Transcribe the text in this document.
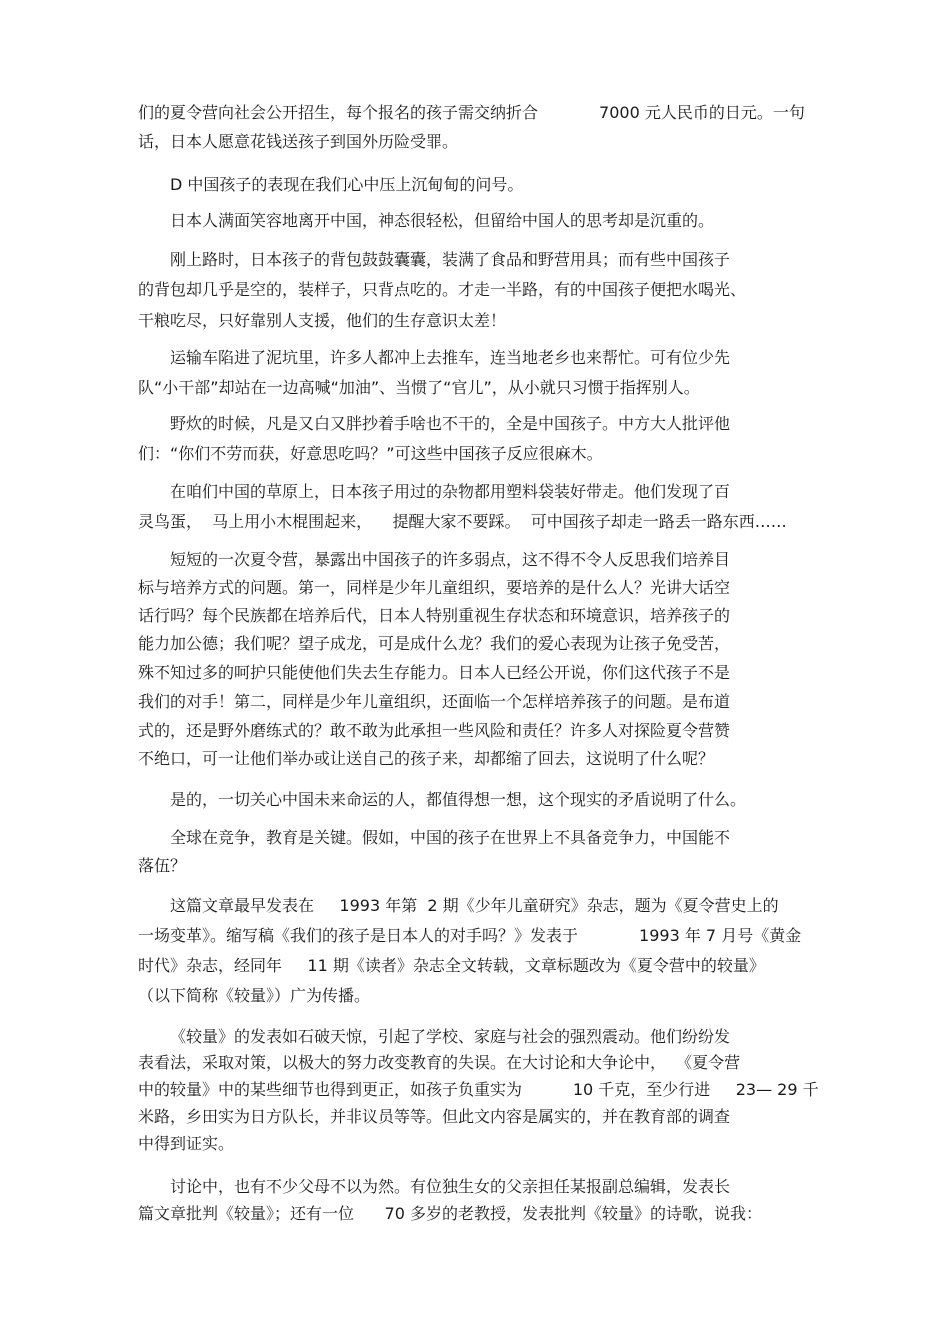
们的夏令营向社会公开招生，每个报名的孩子需交纳折合            7000 元人民币的日元。一句
话，日本人愿意花钱送孩子到国外历险受罪。
D 中国孩子的表现在我们心中压上沉甸甸的问号。
日本人满面笑容地离开中国，神态很轻松，但留给中国人的思考却是沉重的。
刚上路时，日本孩子的背包鼓鼓囊囊，装满了食品和野营用具；而有些中国孩子
的背包却几乎是空的，装样子，只背点吃的。才走一半路，有的中国孩子便把水喝光、
干粮吃尽，只好靠别人支援，他们的生存意识太差！
运输车陷进了泥坑里，许多人都冲上去推车，连当地老乡也来帮忙。可有位少先
队“小干部”却站在一边高喊“加油”、当惯了“官儿”，从小就只习惯于指挥别人。
野炊的时候，凡是又白又胖抄着手啥也不干的，全是中国孩子。中方大人批评他
们：“你们不劳而获，好意思吃吗？”可这些中国孩子反应很麻木。
在咱们中国的草原上，日本孩子用过的杂物都用塑料袋装好带走。他们发现了百
灵鸟蛋，  马上用小木棍围起来，    提醒大家不要踩。  可中国孩子却走一路丢一路东西……
短短的一次夏令营，暴露出中国孩子的许多弱点，这不得不令人反思我们培养目
标与培养方式的问题。第一，同样是少年儿童组织，要培养的是什么人？光讲大话空
话行吗？每个民族都在培养后代，日本人特别重视生存状态和环境意识，培养孩子的
能力加公德；我们呢？望子成龙，可是成什么龙？我们的爱心表现为让孩子免受苦，
殊不知过多的呵护只能使他们失去生存能力。日本人已经公开说，你们这代孩子不是
我们的对手！第二，同样是少年儿童组织，还面临一个怎样培养孩子的问题。是布道
式的，还是野外磨练式的？敢不敢为此承担一些风险和责任？许多人对探险夏令营赞
不绝口，可一让他们举办或让送自己的孩子来，却都缩了回去，这说明了什么呢？
是的，一切关心中国未来命运的人，都值得想一想，这个现实的矛盾说明了什么。
全球在竞争，教育是关键。假如，中国的孩子在世界上不具备竞争力，中国能不
落伍？
这篇文章最早发表在     1993 年第  2 期《少年儿童研究》杂志，题为《夏令营史上的
一场变革》。缩写稿《我们的孩子是日本人的对手吗？》发表于            1993 年 7 月号《黄金
时代》杂志，经同年     11 期《读者》杂志全文转载，文章标题改为《夏令营中的较量》
（以下简称《较量》）广为传播。
《较量》的发表如石破天惊，引起了学校、家庭与社会的强烈震动。他们纷纷发
表看法，采取对策，以极大的努力改变教育的失误。在大讨论和大争论中，  《夏令营
中的较量》中的某些细节也得到更正，如孩子负重实为          10 千克，至少行进     23— 29 千
米路，乡田实为日方队长，并非议员等等。但此文内容是属实的，并在教育部的调查
中得到证实。
讨论中，也有不少父母不以为然。有位独生女的父亲担任某报副总编辑，发表长
篇文章批判《较量》；还有一位      70 多岁的老教授，发表批判《较量》的诗歌，说我：
